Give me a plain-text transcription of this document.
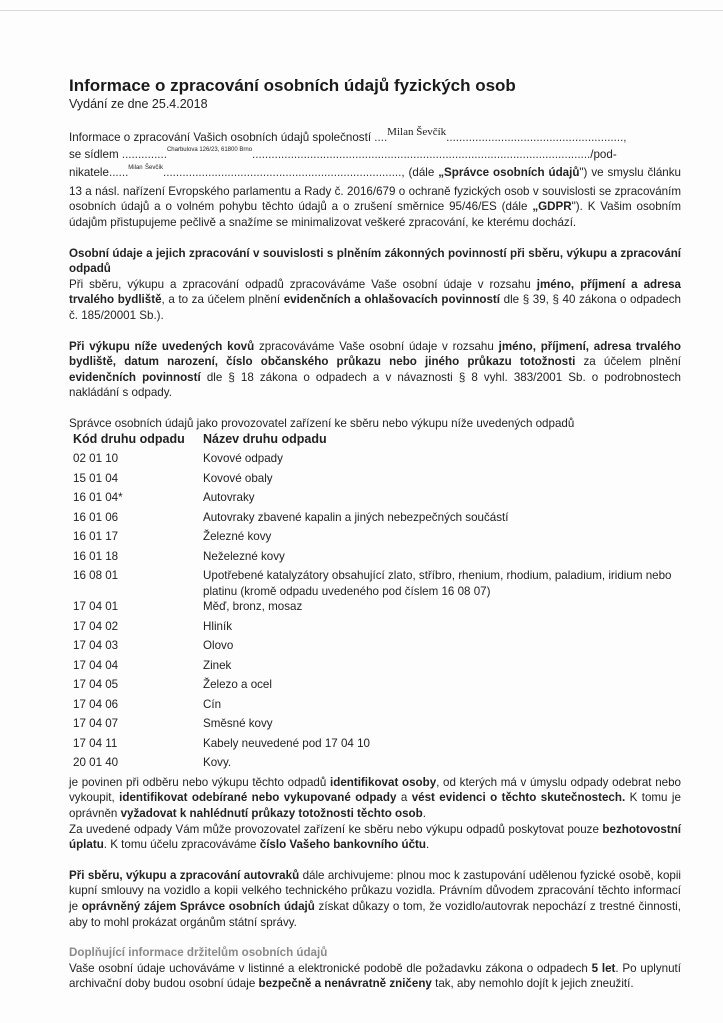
Informace o zpracování osobních údajů fyzických osob
Vydání ze dne 25.4.2018

Informace o zpracování Vašich osobních údajů společností ....Milan Ševčík.......................................................,
se sídlem ..............$^{Charbulova 126/23, 61800 Brno}$........................................................................................................./pod-
nikatele......$^{Milan Ševčík}$.........................................................................., (dále „Správce osobních údajů") ve smyslu článku 13 a násl. nařízení Evropského parlamentu a Rady č. 2016/679 o ochraně fyzických osob v souvislosti se zpracováním osobních údajů a o volném pohybu těchto údajů a o zrušení směrnice 95/46/ES (dále „GDPR"). K Vašim osobním údajům přistupujeme pečlivě a snažíme se minimalizovat veškeré zpracování, ke kterému dochází.

Osobní údaje a jejich zpracování v souvislosti s plněním zákonných povinností při sběru, výkupu a zpracování odpadů

Při sběru, výkupu a zpracování odpadů zpracováváme Vaše osobní údaje v rozsahu jméno, příjmení a adresa trvalého bydliště, a to za účelem plnění evidenčních a ohlašovacích povinností dle § 39, § 40 zákona o odpadech č. 185/20001 Sb.).

Při výkupu níže uvedených kovů zpracováváme Vaše osobní údaje v rozsahu jméno, příjmení, adresa trvalého bydliště, datum narození, číslo občanského průkazu nebo jiného průkazu totožnosti za účelem plnění evidenčních povinností dle § 18 zákona o odpadech a v návaznosti § 8 vyhl. 383/2001 Sb. o podrobnostech nakládání s odpady.

Správce osobních údajů jako provozovatel zařízení ke sběru nebo výkupu níže uvedených odpadů

Kód druhu odpadu	Název druhu odpadu
02 01 10	Kovové odpady
15 01 04	Kovové obaly
16 01 04*	Autovraky
16 01 06	Autovraky zbavené kapalin a jiných nebezpečných součástí
16 01 17	Železné kovy
16 01 18	Neželezné kovy
16 08 01	Upotřebené katalyzátory obsahující zlato, stříbro, rhenium, rhodium, paladium, iridium nebo platinu (kromě odpadu uvedeného pod číslem 16 08 07)
17 04 01	Měď, bronz, mosaz
17 04 02	Hliník
17 04 03	Olovo
17 04 04	Zinek
17 04 05	Železo a ocel
17 04 06	Cín
17 04 07	Směsné kovy
17 04 11	Kabely neuvedené pod 17 04 10
20 01 40	Kovy.

je povinen při odběru nebo výkupu těchto odpadů identifikovat osoby, od kterých má v úmyslu odpady odebrat nebo vykoupit, identifikovat odebírané nebo vykupované odpady a vést evidenci o těchto skutečnostech. K tomu je oprávněn vyžadovat k nahlédnutí průkazy totožnosti těchto osob.

Za uvedené odpady Vám může provozovatel zařízení ke sběru nebo výkupu odpadů poskytovat pouze bezhotovostní úplatu. K tomu účelu zpracováváme číslo Vašeho bankovního účtu.

Při sběru, výkupu a zpracování autovraků dále archivujeme: plnou moc k zastupování udělenou fyzické osobě, kopii kupní smlouvy na vozidlo a kopii velkého technického průkazu vozidla. Právním důvodem zpracování těchto informací je oprávněný zájem Správce osobních údajů získat důkazy o tom, že vozidlo/autovrak nepochází z trestné činnosti, aby to mohl prokázat orgánům státní správy.

Doplňující informace držitelům osobních údajů

Vaše osobní údaje uchováváme v listinné a elektronické podobě dle požadavku zákona o odpadech 5 let. Po uplynutí archivační doby budou osobní údaje bezpečně a nenávratně zničeny tak, aby nemohlo dojít k jejich zneužití.
